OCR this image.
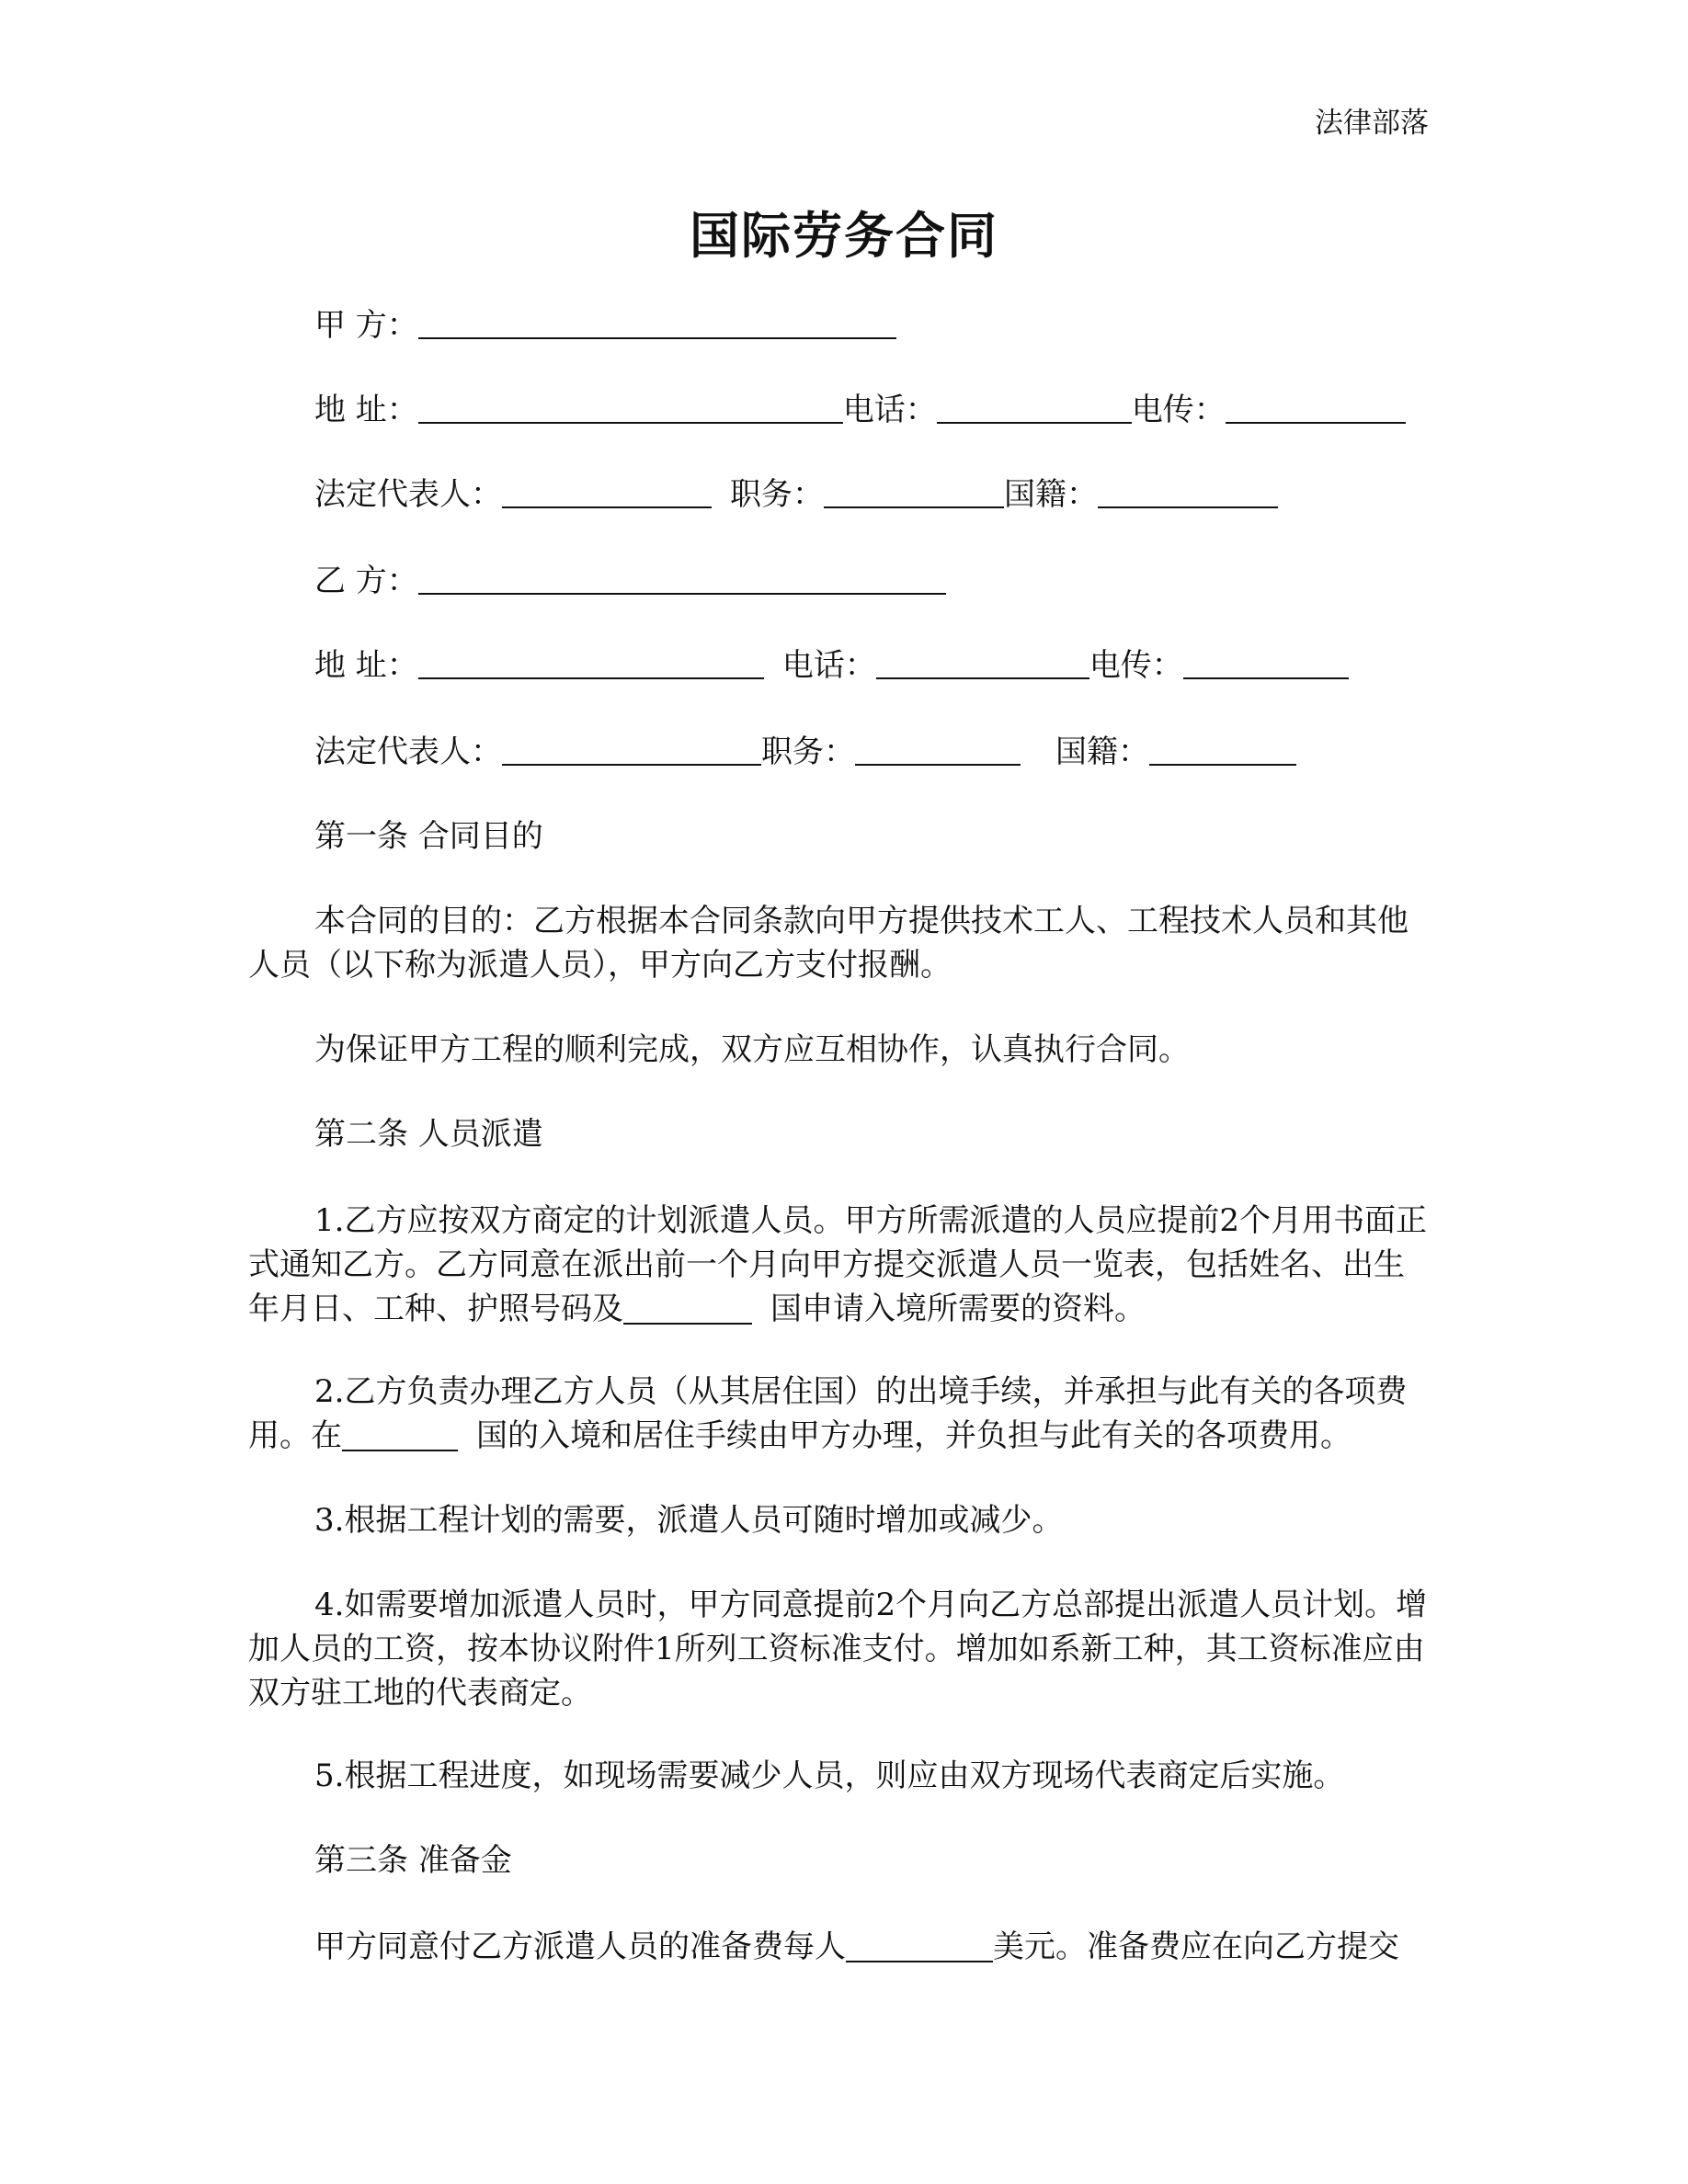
法律部落
国际劳务合同
甲 方：
地 址：	电话：	电传：
法定代表人：	职务：	国籍：
乙 方：
地 址：	电话：	电传：
法定代表人：	职务：	国籍：
第一条 合同目的
本合同的目的：乙方根据本合同条款向甲方提供技术工人、工程技术人员和其他人员（以下称为派遣人员），甲方向乙方支付报酬。
为保证甲方工程的顺利完成，双方应互相协作，认真执行合同。
第二条 人员派遣
1.乙方应按双方商定的计划派遣人员。甲方所需派遣的人员应提前2个月用书面正式通知乙方。乙方同意在派出前一个月向甲方提交派遣人员一览表，包括姓名、出生年月日、工种、护照号码及	国申请入境所需要的资料。
2.乙方负责办理乙方人员（从其居住国）的出境手续，并承担与此有关的各项费用。在	国的入境和居住手续由甲方办理，并负担与此有关的各项费用。
3.根据工程计划的需要，派遣人员可随时增加或减少。
4.如需要增加派遣人员时，甲方同意提前2个月向乙方总部提出派遣人员计划。增加人员的工资，按本协议附件1所列工资标准支付。增加如系新工种，其工资标准应由双方驻工地的代表商定。
5.根据工程进度，如现场需要减少人员，则应由双方现场代表商定后实施。
第三条 准备金
甲方同意付乙方派遣人员的准备费每人	美元。准备费应在向乙方提交
